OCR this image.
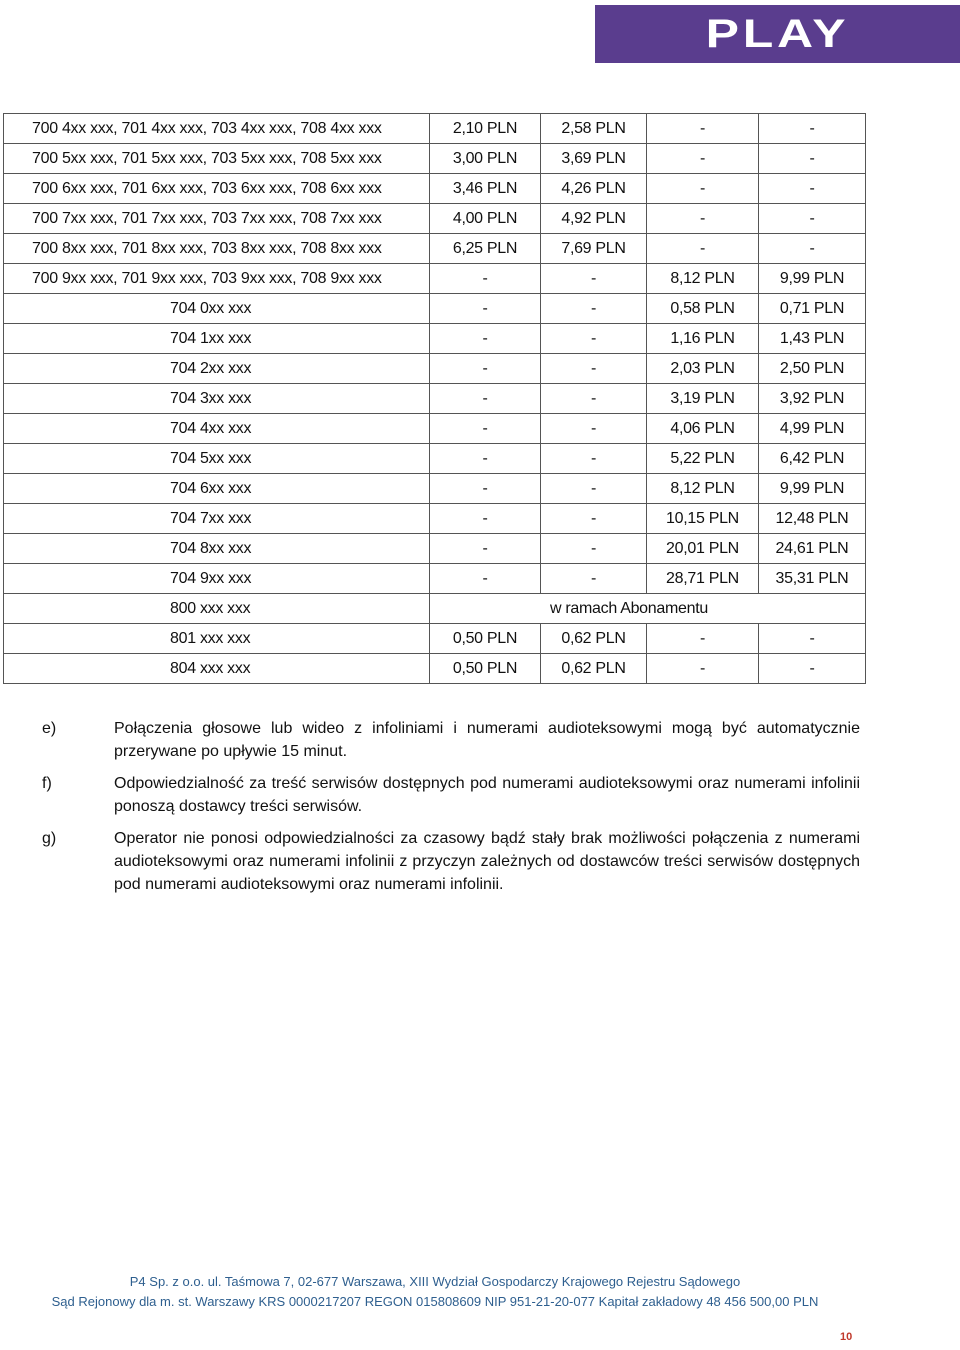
PLAY
700 4xx xxx, 701 4xx xxx, 703 4xx xxx, 708 4xx xxx	2,10 PLN	2,58 PLN	-	-
700 5xx xxx, 701 5xx xxx, 703 5xx xxx, 708 5xx xxx	3,00 PLN	3,69 PLN	-	-
700 6xx xxx, 701 6xx xxx, 703 6xx xxx, 708 6xx xxx	3,46 PLN	4,26 PLN	-	-
700 7xx xxx, 701 7xx xxx, 703 7xx xxx, 708 7xx xxx	4,00 PLN	4,92 PLN	-	-
700 8xx xxx, 701 8xx xxx, 703 8xx xxx, 708 8xx xxx	6,25 PLN	7,69 PLN	-	-
700 9xx xxx, 701 9xx xxx, 703 9xx xxx, 708 9xx xxx	-	-	8,12 PLN	9,99 PLN
704 0xx xxx	-	-	0,58 PLN	0,71 PLN
704 1xx xxx	-	-	1,16 PLN	1,43 PLN
704 2xx xxx	-	-	2,03 PLN	2,50 PLN
704 3xx xxx	-	-	3,19 PLN	3,92 PLN
704 4xx xxx	-	-	4,06 PLN	4,99 PLN
704 5xx xxx	-	-	5,22 PLN	6,42 PLN
704 6xx xxx	-	-	8,12 PLN	9,99 PLN
704 7xx xxx	-	-	10,15 PLN	12,48 PLN
704 8xx xxx	-	-	20,01 PLN	24,61 PLN
704 9xx xxx	-	-	28,71 PLN	35,31 PLN
800 xxx xxx	w ramach Abonamentu			
801 xxx xxx	0,50 PLN	0,62 PLN	-	-
804 xxx xxx	0,50 PLN	0,62 PLN	-	-
e)	Połączenia głosowe lub wideo z infoliniami i numerami audioteksowymi mogą być automatycznie przerywane po upływie 15 minut.
f)	Odpowiedzialność za treść serwisów dostępnych pod numerami audioteksowymi oraz numerami infolinii ponoszą dostawcy treści serwisów.
g)	Operator nie ponosi odpowiedzialności za czasowy bądź stały brak możliwości połączenia z numerami audioteksowymi oraz numerami infolinii z przyczyn zależnych od dostawców treści serwisów dostępnych pod numerami audioteksowymi oraz numerami infolinii.
P4 Sp. z o.o. ul. Taśmowa 7, 02-677 Warszawa, XIII Wydział Gospodarczy Krajowego Rejestru Sądowego
Sąd Rejonowy dla m. st. Warszawy KRS 0000217207 REGON 015808609 NIP 951-21-20-077 Kapitał zakładowy 48 456 500,00 PLN
10
